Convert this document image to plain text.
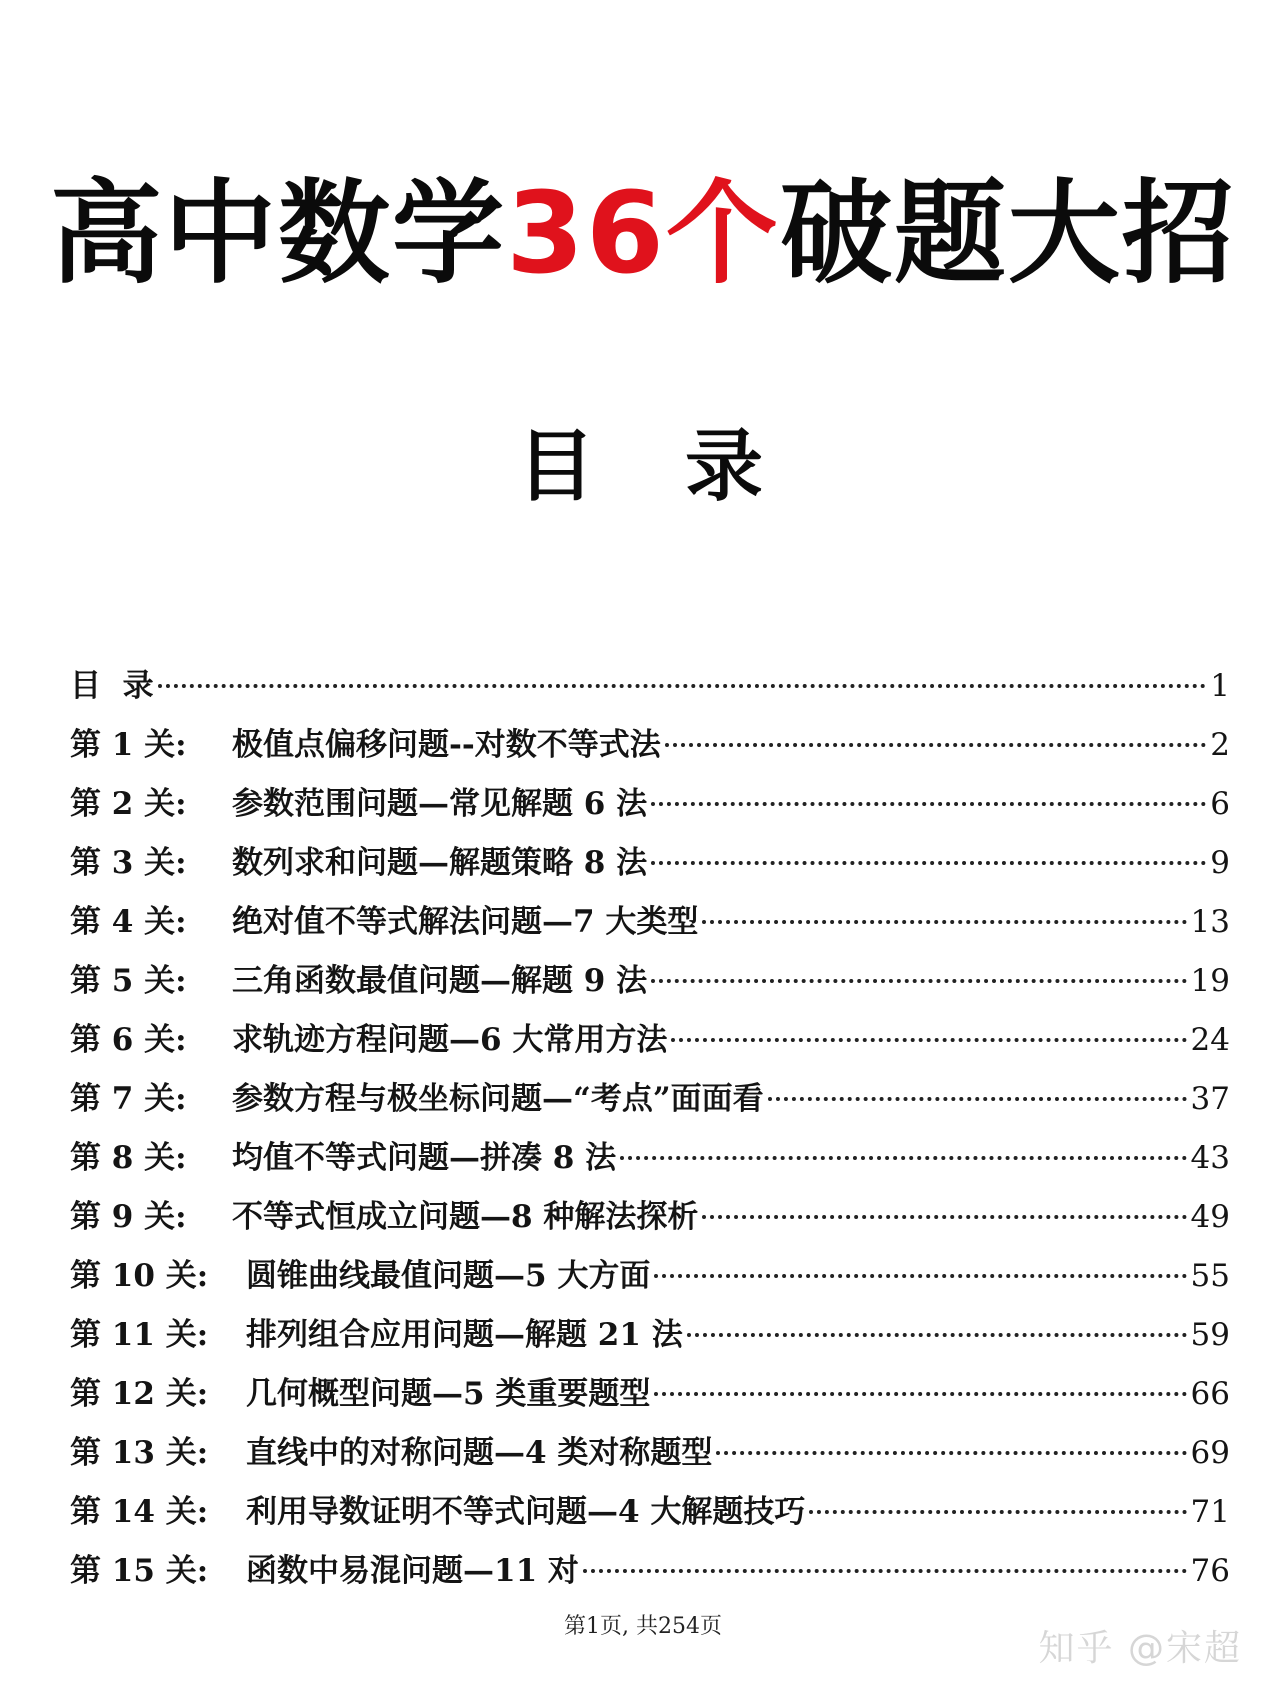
高中数学36个破题大招
目　录
目  录	1
第 1 关:	极值点偏移问题--对数不等式法	2
第 2 关:	参数范围问题—常见解题 6 法	6
第 3 关:	数列求和问题—解题策略 8 法	9
第 4 关:	绝对值不等式解法问题—7 大类型	13
第 5 关:	三角函数最值问题—解题 9 法	19
第 6 关:	求轨迹方程问题—6 大常用方法	24
第 7 关:	参数方程与极坐标问题—“考点”面面看	37
第 8 关:	均值不等式问题—拼凑 8 法	43
第 9 关:	不等式恒成立问题—8 种解法探析	49
第 10 关:	圆锥曲线最值问题—5 大方面	55
第 11 关:	排列组合应用问题—解题 21 法	59
第 12 关:	几何概型问题—5 类重要题型	66
第 13 关:	直线中的对称问题—4 类对称题型	69
第 14 关:	利用导数证明不等式问题—4 大解题技巧	71
第 15 关:	函数中易混问题—11 对	76
第1页, 共254页
知乎 @宋超
